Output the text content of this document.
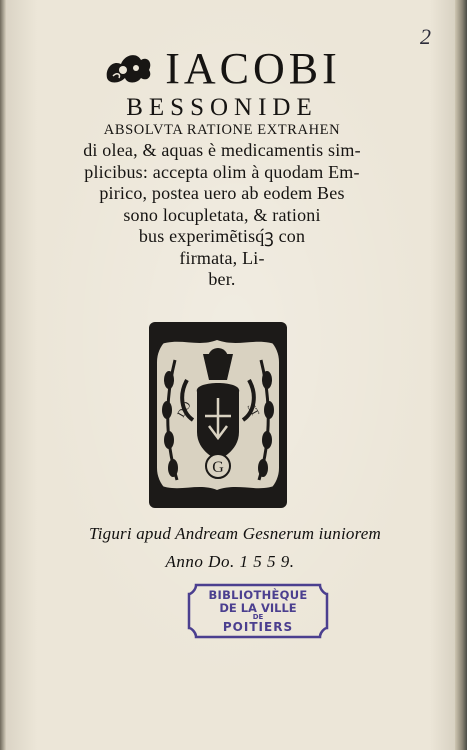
2
IACOBI
BESSONIDE
ABSOLVTA RATIONE EXTRAHEN
di olea, & aquas è medicamentis sim-
plicibus: accepta olim à quodam Em-
pirico, postea uero ab eodem Bes
sono locupletata, & rationi
bus experimẽtisq́ꝫ con
firmata, Li-
ber.
DO	ST
G
Tiguri apud Andream Gesnerum iuniorem
Anno Do. 1 5 5 9.
BIBLIOTHÈQUE
DE LA VILLE
DE
POITIERS
